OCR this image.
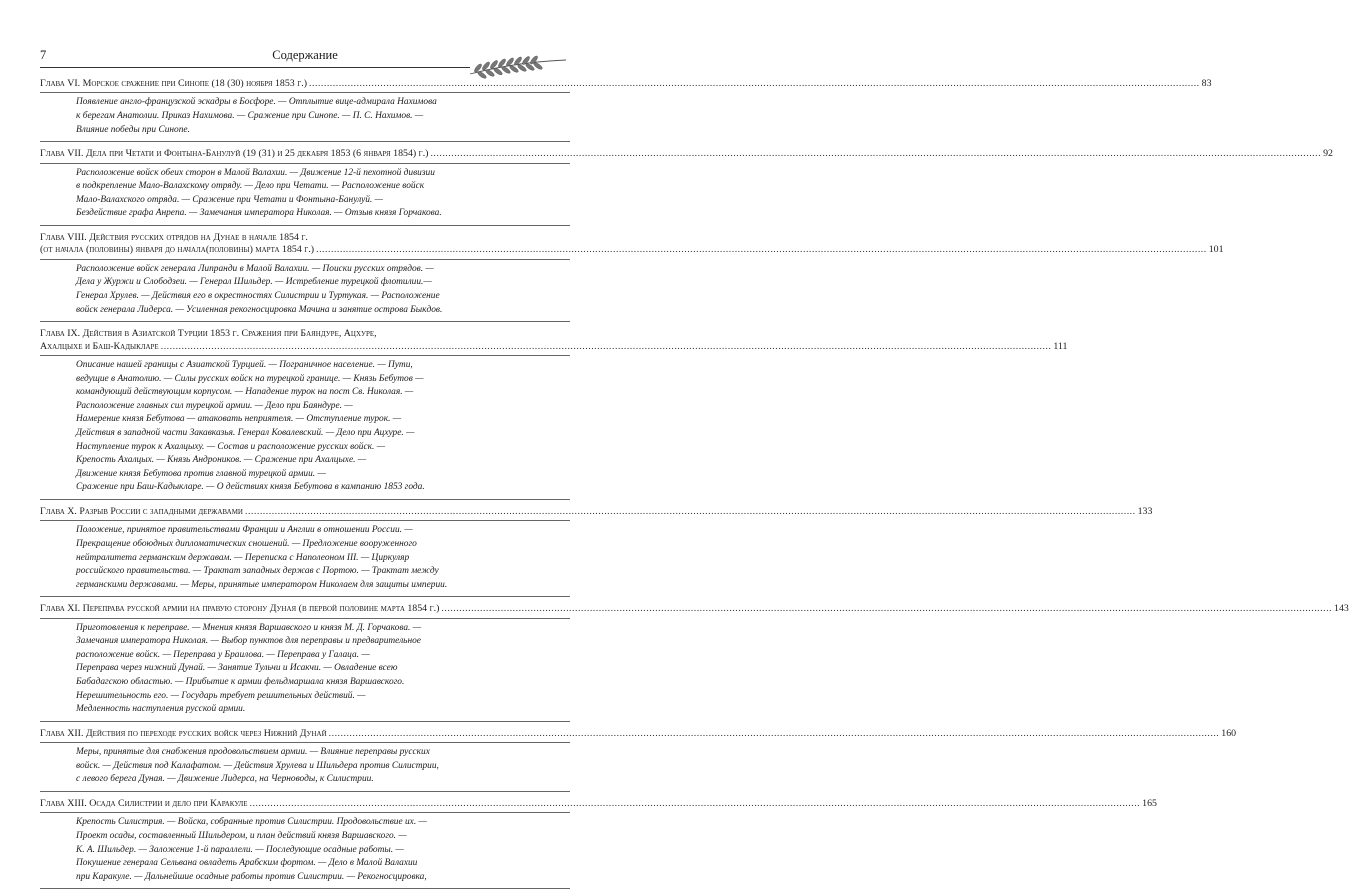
7	Содержание
Глава VI. Морское сражение при Синопе (18 (30) ноября 1853 г.) ............................................................................................................................................................................................................................................................................................................ 83
Появление англо-французской эскадры в Босфоре. — Отплытие вице-адмирала Нахимова
к берегам Анатолии. Приказ Нахимова. — Сражение при Синопе. — П. С. Нахимов. —
Влияние победы при Синопе.
Глава VII. Дела при Четати и Фонтына-Банулуй (19 (31) и 25 декабря 1853 (6 января 1854) г.) ............................................................................................................................................................................................................................................................................................................ 92
Расположение войск обеих сторон в Малой Валахии. — Движение 12-й пехотной дивизии
в подкрепление Мало-Валахскому отряду. — Дело при Четати. — Расположение войск
Мало-Валахского отряда. — Сражение при Четати и Фонтына-Банулуй. —
Бездействие графа Анрепа. — Замечания императора Николая. — Отзыв князя Горчакова.
Глава VIII. Действия русских отрядов на Дунае в начале 1854 г.
(от начала (половины) января до начала(половины) марта 1854 г.) ............................................................................................................................................................................................................................................................................................................ 101
Расположение войск генерала Липранди в Малой Валахии. — Поиски русских отрядов. —
Дела у Журжи и Слободзеи. — Генерал Шильдер. — Истребление турецкой флотилии.—
Генерал Хрулев. — Действия его в окрестностях Силистрии и Туртукая. — Расположение
войск генерала Лидерса. — Усиленная рекогносцировка Мачина и занятие острова Быкдов.
Глава IX. Действия в Азиатской Турции 1853 г. Сражения при Баяндуре, Ацхуре,
Ахалцыхе и Баш-Кадыкларе ............................................................................................................................................................................................................................................................................................................ 111
Описание нашей границы с Азиатской Турцией. — Пограничное население. — Пути,
ведущие в Анатолию. — Силы русских войск на турецкой границе. — Князь Бебутов —
командующий действующим корпусом. — Нападение турок на пост Св. Николая. —
Расположение главных сил турецкой армии. — Дело при Баяндуре. —
Намерение князя Бебутова — атаковать неприятеля. — Отступление турок. —
Действия в западной части Закавказья. Генерал Ковалевский. — Дело при Ацхуре. —
Наступление турок к Ахалцыху. — Состав и расположение русских войск. —
Крепость Ахалцых. — Князь Андроников. — Сражение при Ахалцыхе. —
Движение князя Бебутова против главной турецкой армии. —
Сражение при Баш-Кадыкларе. — О действиях князя Бебутова в кампанию 1853 года.
Глава X. Разрыв России с западными державами ............................................................................................................................................................................................................................................................................................................ 133
Положение, принятое правительствами Франции и Англии в отношении России. —
Прекращение обоюдных дипломатических сношений. — Предложение вооруженного
нейтралитета германским державам. — Переписка с Наполеоном III. — Циркуляр
российского правительства. — Трактат западных держав с Портою. — Трактат между
германскими державами. — Меры, принятые императором Николаем для защиты империи.
Глава XI. Переправа русской армии на правую сторону Дуная (в первой половине марта 1854 г.) ............................................................................................................................................................................................................................................................................................................ 143
Приготовления к переправе. — Мнения князя Варшавского и князя М. Д. Горчакова. —
Замечания императора Николая. — Выбор пунктов для переправы и предварительное
расположение войск. — Переправа у Браилова. — Переправа у Галаца. —
Переправа через нижний Дунай. — Занятие Тульчи и Исакчи. — Овладение всею
Бабадагскою областью. — Прибытие к армии фельдмаршала князя Варшавского.
Нерешительность его. — Государь требует решительных действий. —
Медленность наступления русской армии.
Глава XII. Действия по переходе русских войск через Нижний Дунай ............................................................................................................................................................................................................................................................................................................ 160
Меры, принятые для снабжения продовольствием армии. — Влияние переправы русских
войск. — Действия под Калафатом. — Действия Хрулева и Шильдера против Силистрии,
с левого берега Дуная. — Движение Лидерса, на Черноводы, к Силистрии.
Глава XIII. Осада Силистрии и дело при Каракуле ............................................................................................................................................................................................................................................................................................................ 165
Крепость Силистрия. — Войска, собранные против Силистрии. Продовольствие их. —
Проект осады, составленный Шильдером, и план действий князя Варшавского. —
К. А. Шильдер. — Заложение 1-й параллели. — Последующие осадные работы. —
Покушение генерала Сельвана овладеть Арабским фортом. — Дело в Малой Валахии
при Каракуле. — Дальнейшие осадные работы против Силистрии. — Рекогносцировка,
